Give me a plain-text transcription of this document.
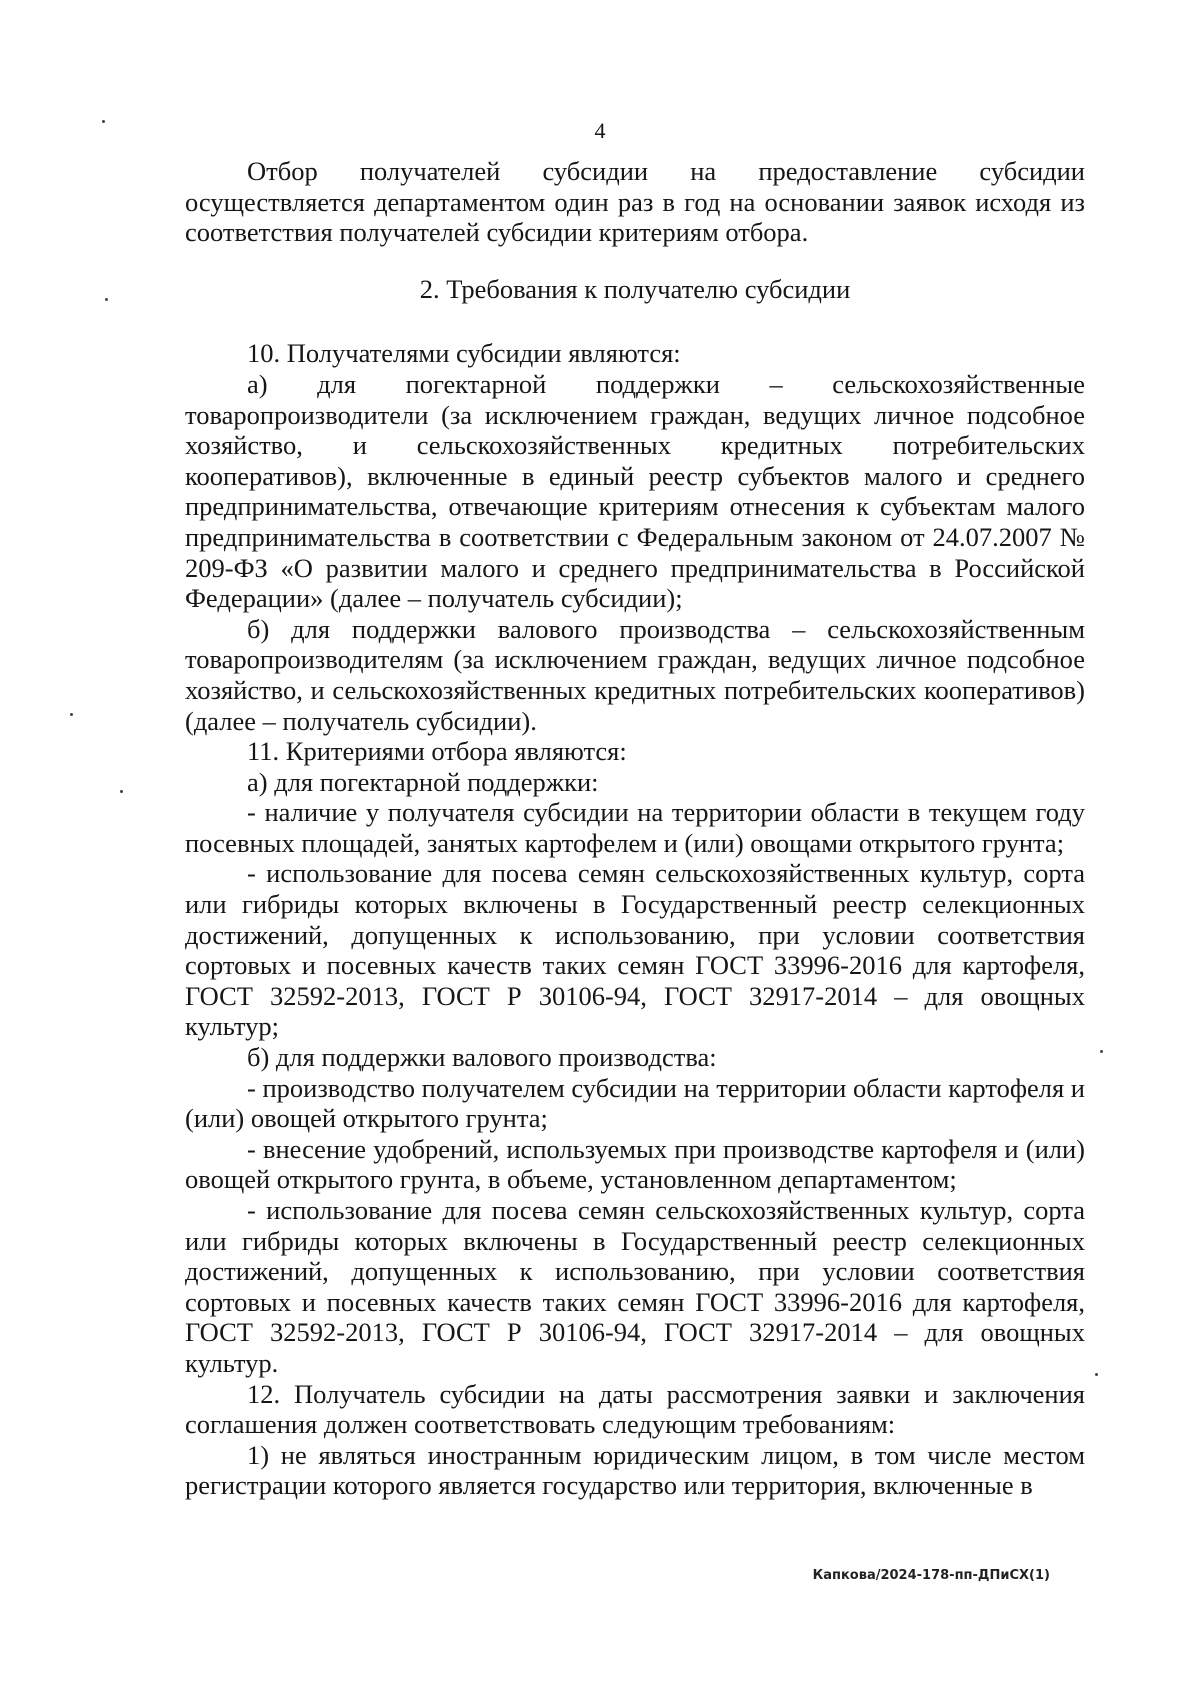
4

Отбор получателей субсидии на предоставление субсидии осуществляется департаментом один раз в год на основании заявок исходя из соответствия получателей субсидии критериям отбора.

2. Требования к получателю субсидии

10. Получателями субсидии являются:

а) для погектарной поддержки – сельскохозяйственные товаропроизводители (за исключением граждан, ведущих личное подсобное хозяйство, и сельскохозяйственных кредитных потребительских кооперативов), включенные в единый реестр субъектов малого и среднего предпринимательства, отвечающие критериям отнесения к субъектам малого предпринимательства в соответствии с Федеральным законом от 24.07.2007 № 209-ФЗ «О развитии малого и среднего предпринимательства в Российской Федерации» (далее – получатель субсидии);

б) для поддержки валового производства – сельскохозяйственным товаропроизводителям (за исключением граждан, ведущих личное подсобное хозяйство, и сельскохозяйственных кредитных потребительских кооперативов) (далее – получатель субсидии).

11. Критериями отбора являются:

а) для погектарной поддержки:

- наличие у получателя субсидии на территории области в текущем году посевных площадей, занятых картофелем и (или) овощами открытого грунта;

- использование для посева семян сельскохозяйственных культур, сорта или гибриды которых включены в Государственный реестр селекционных достижений, допущенных к использованию, при условии соответствия сортовых и посевных качеств таких семян ГОСТ 33996-2016 для картофеля, ГОСТ 32592-2013, ГОСТ Р 30106-94, ГОСТ 32917-2014 – для овощных культур;

б) для поддержки валового производства:

- производство получателем субсидии на территории области картофеля и (или) овощей открытого грунта;

- внесение удобрений, используемых при производстве картофеля и (или) овощей открытого грунта, в объеме, установленном департаментом;

- использование для посева семян сельскохозяйственных культур, сорта или гибриды которых включены в Государственный реестр селекционных достижений, допущенных к использованию, при условии соответствия сортовых и посевных качеств таких семян ГОСТ 33996-2016 для картофеля, ГОСТ 32592-2013, ГОСТ Р 30106-94, ГОСТ 32917-2014 – для овощных культур.

12. Получатель субсидии на даты рассмотрения заявки и заключения соглашения должен соответствовать следующим требованиям:

1) не являться иностранным юридическим лицом, в том числе местом регистрации которого является государство или территория, включенные в

Капкова/2024-178-пп-ДПиСХ(1)
